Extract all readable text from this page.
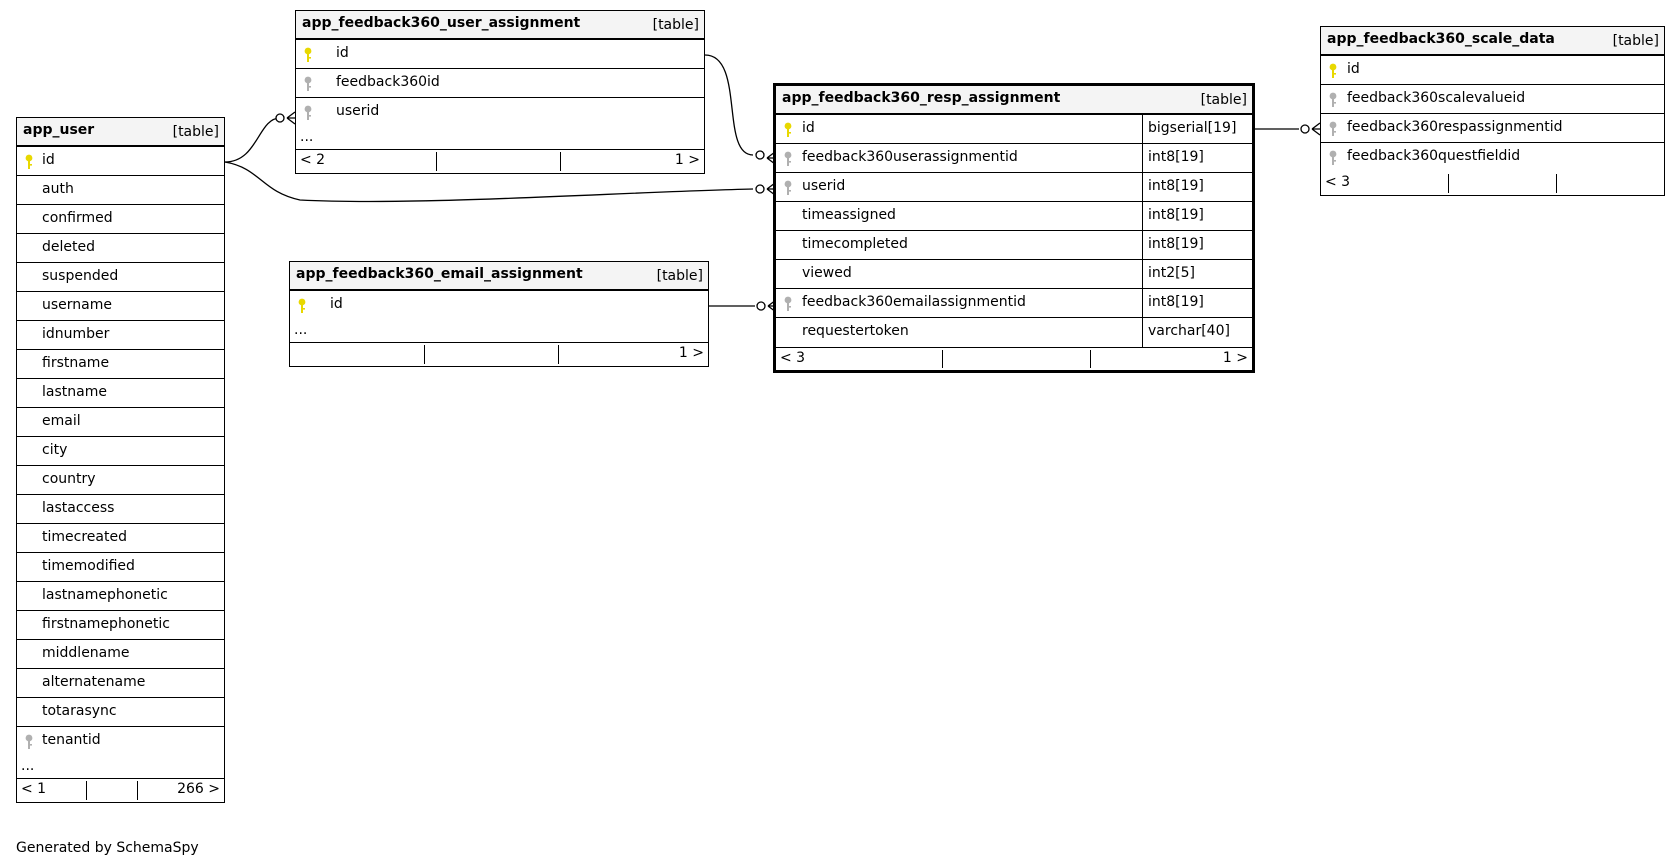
app_user	[table]
id
auth
confirmed
deleted
suspended
username
idnumber
firstname
lastname
email
city
country
lastaccess
timecreated
timemodified
lastnamephonetic
firstnamephonetic
middlename
alternatename
totarasync
tenantid
...
< 1	266 >
app_feedback360_user_assignment	[table]
id
feedback360id
userid
...
< 2	1 >
app_feedback360_email_assignment	[table]
id
...
1 >
app_feedback360_resp_assignment	[table]
id	bigserial[19]
feedback360userassignmentid	int8[19]
userid	int8[19]
timeassigned	int8[19]
timecompleted	int8[19]
viewed	int2[5]
feedback360emailassignmentid	int8[19]
requestertoken	varchar[40]
< 3	1 >
app_feedback360_scale_data	[table]
id
feedback360scalevalueid
feedback360respassignmentid
feedback360questfieldid
< 3
Generated by SchemaSpy
